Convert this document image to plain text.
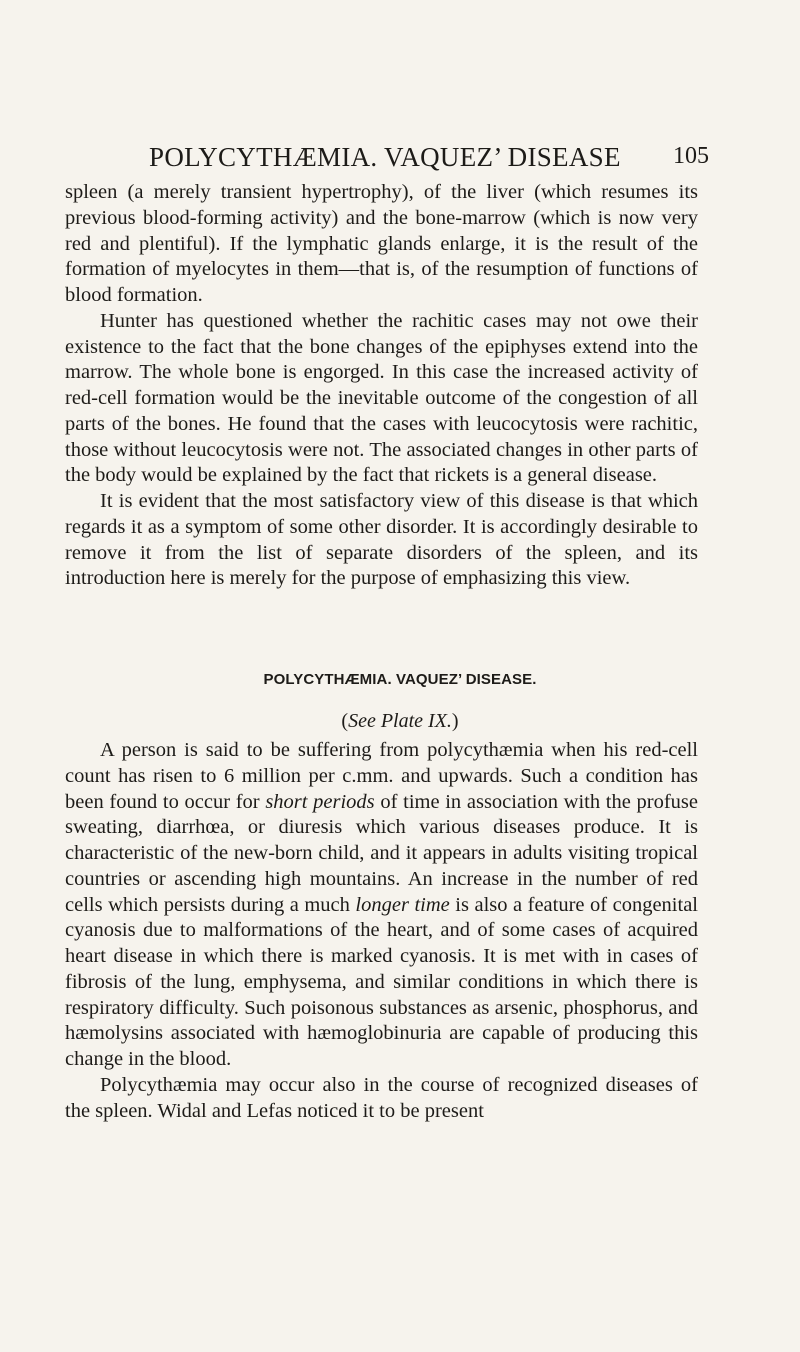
POLYCYTHÆMIA. VAQUEZ’ DISEASE 105

spleen (a merely transient hypertrophy), of the liver (which resumes its previous blood-forming activity) and the bone-marrow (which is now very red and plentiful). If the lymphatic glands enlarge, it is the result of the formation of myelocytes in them—that is, of the resumption of functions of blood formation.

Hunter has questioned whether the rachitic cases may not owe their existence to the fact that the bone changes of the epiphyses extend into the marrow. The whole bone is engorged. In this case the increased activity of red-cell formation would be the inevitable outcome of the congestion of all parts of the bones. He found that the cases with leucocytosis were rachitic, those without leucocytosis were not. The associated changes in other parts of the body would be explained by the fact that rickets is a general disease.

It is evident that the most satisfactory view of this disease is that which regards it as a symptom of some other disorder. It is accordingly desirable to remove it from the list of separate disorders of the spleen, and its introduction here is merely for the purpose of emphasizing this view.

POLYCYTHÆMIA. VAQUEZ’ DISEASE.
(See Plate IX.)

A person is said to be suffering from polycythæmia when his red-cell count has risen to 6 million per c.mm. and upwards. Such a condition has been found to occur for short periods of time in association with the profuse sweating, diarrhœa, or diuresis which various diseases produce. It is characteristic of the new-born child, and it appears in adults visiting tropical countries or ascending high mountains. An increase in the number of red cells which persists during a much longer time is also a feature of congenital cyanosis due to malformations of the heart, and of some cases of acquired heart disease in which there is marked cyanosis. It is met with in cases of fibrosis of the lung, emphysema, and similar conditions in which there is respiratory difficulty. Such poisonous substances as arsenic, phosphorus, and hæmolysins associated with hæmoglobinuria are capable of producing this change in the blood.

Polycythæmia may occur also in the course of recognized diseases of the spleen. Widal and Lefas noticed it to be present
